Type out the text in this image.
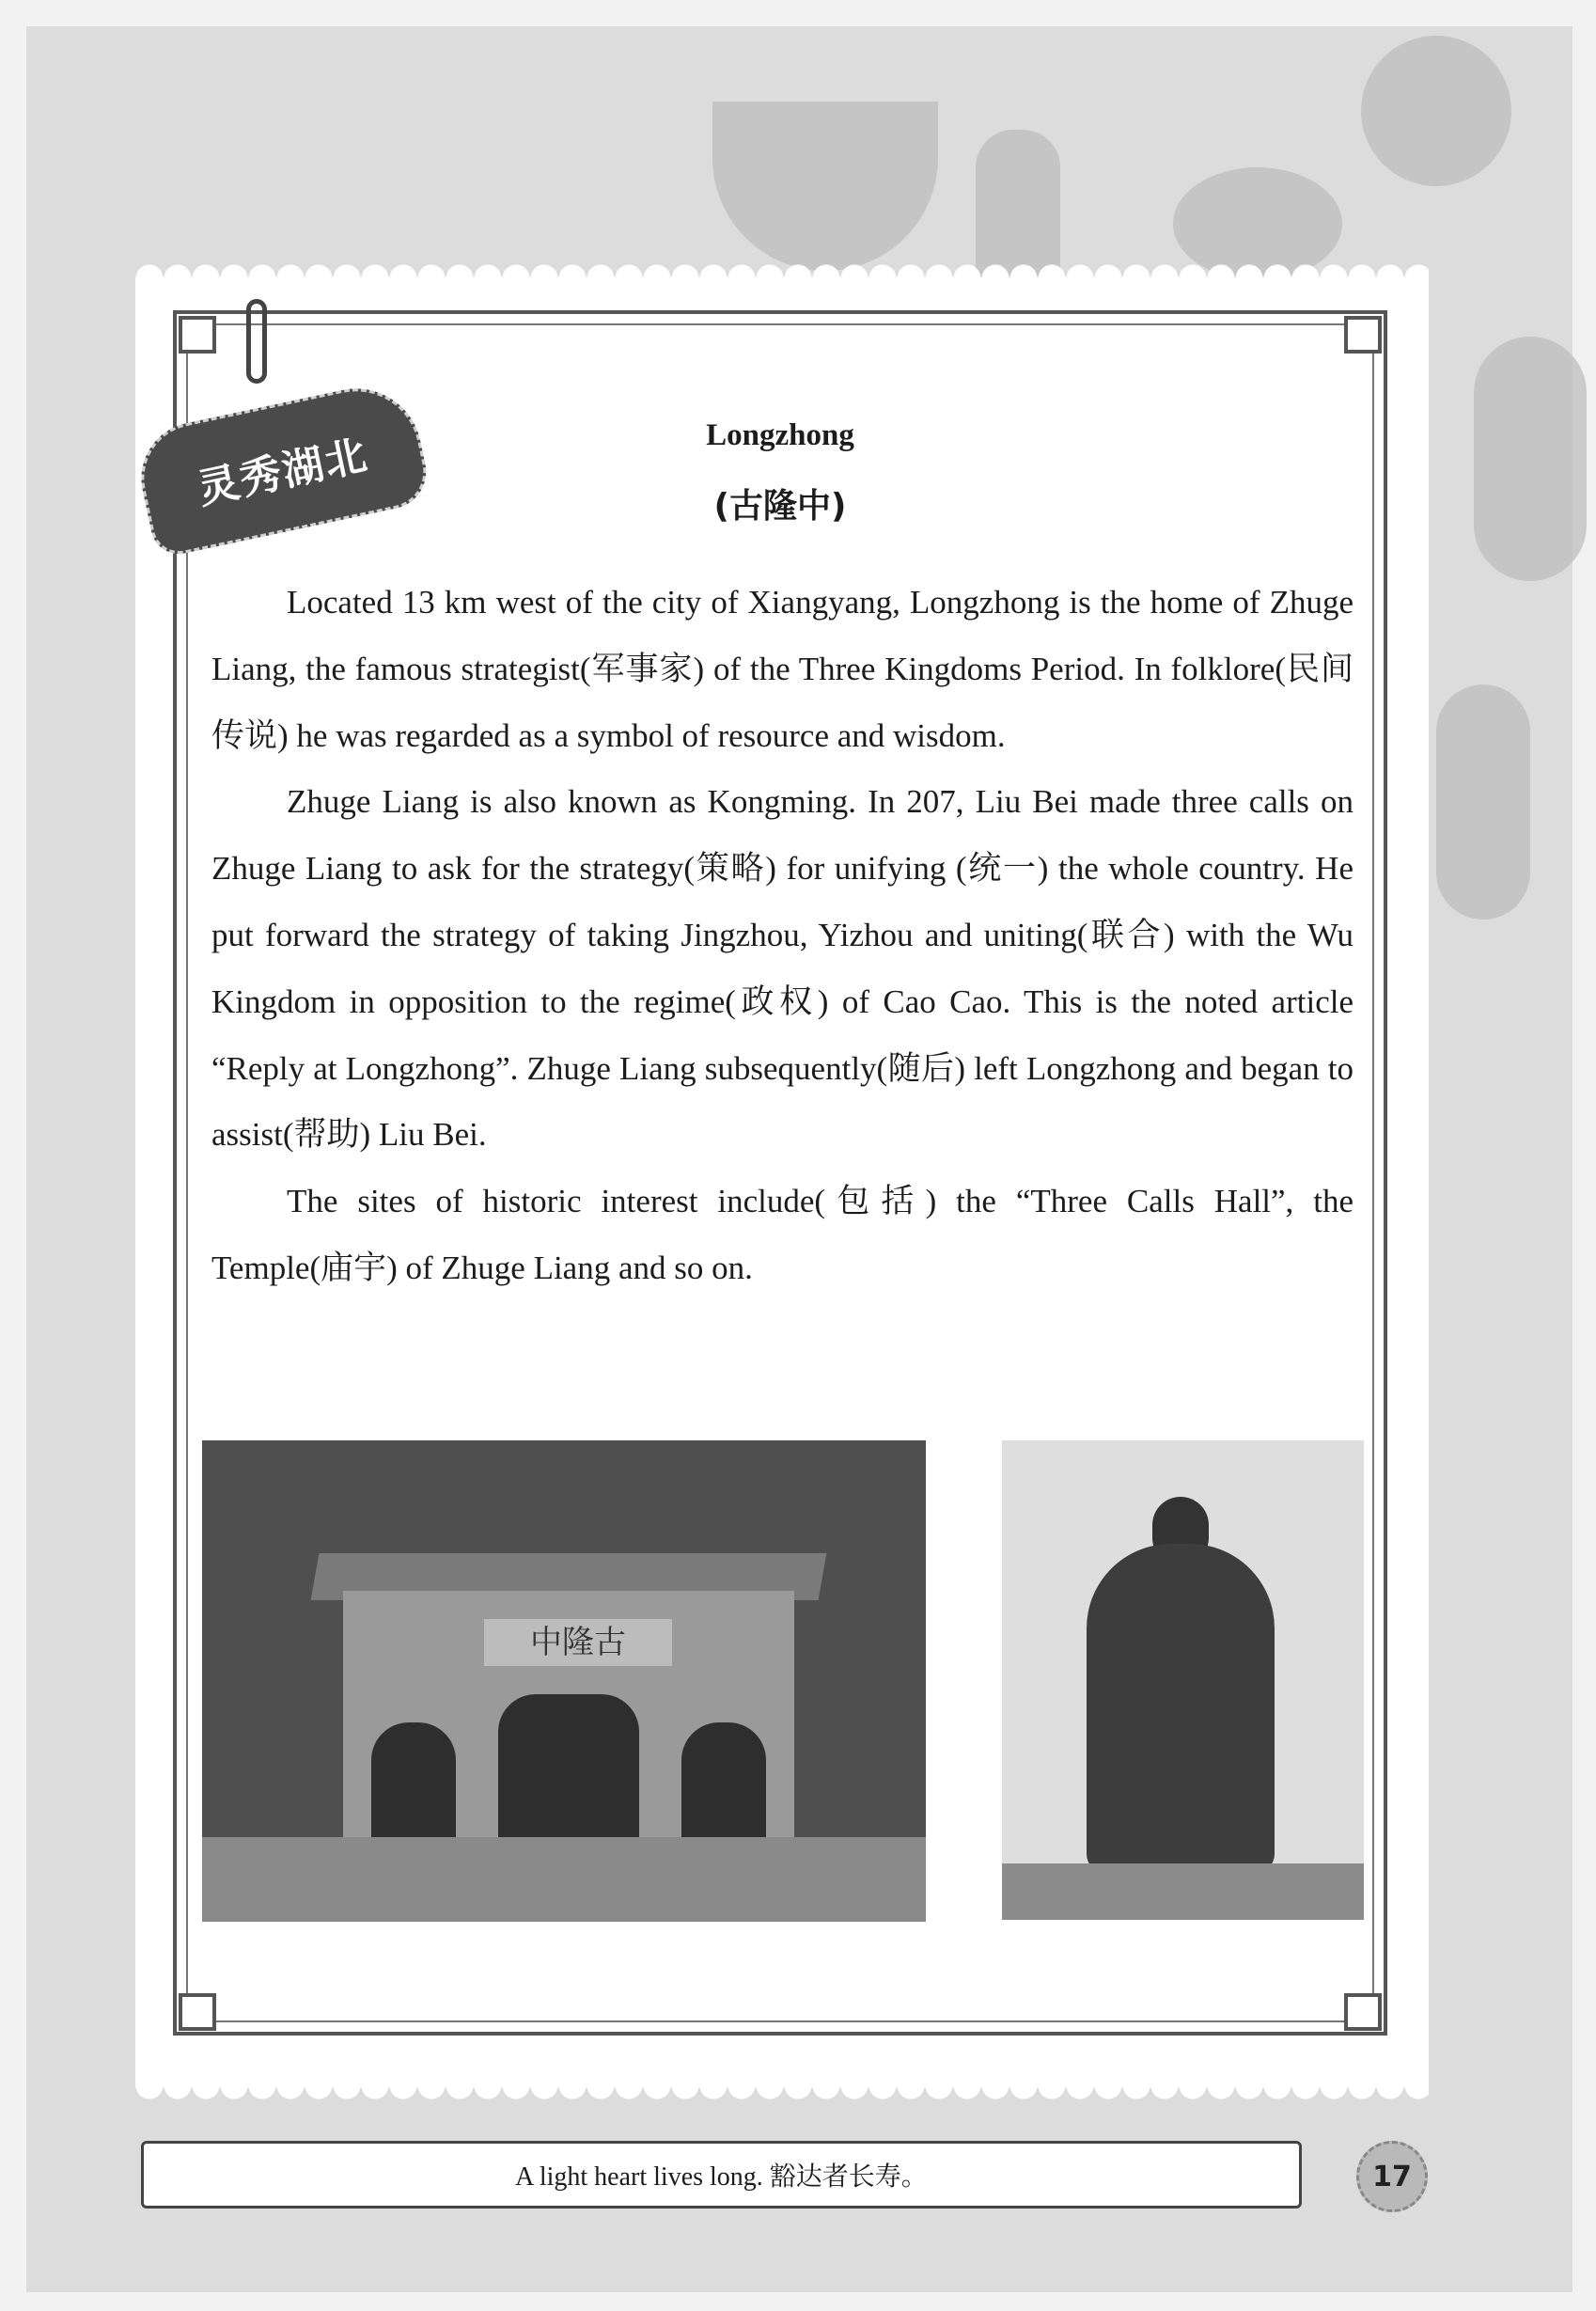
灵秀湖北	Longzhong
(古隆中)

Located 13 km west of the city of Xiangyang, Longzhong is the home of Zhuge Liang, the famous strategist(军事家) of the Three Kingdoms Period. In folklore(民间传说) he was regarded as a symbol of resource and wisdom.

Zhuge Liang is also known as Kongming. In 207, Liu Bei made three calls on Zhuge Liang to ask for the strategy(策略) for unifying (统一) the whole country. He put forward the strategy of taking Jingzhou, Yizhou and uniting(联合) with the Wu Kingdom in opposition to the regime(政权) of Cao Cao. This is the noted article “Reply at Longzhong”. Zhuge Liang subsequently(随后) left Longzhong and began to assist(帮助) Liu Bei.

The sites of historic interest include(包括) the “Three Calls Hall”, the Temple(庙宇) of Zhuge Liang and so on.

中隆古
A light heart lives long. 豁达者长寿。	17
